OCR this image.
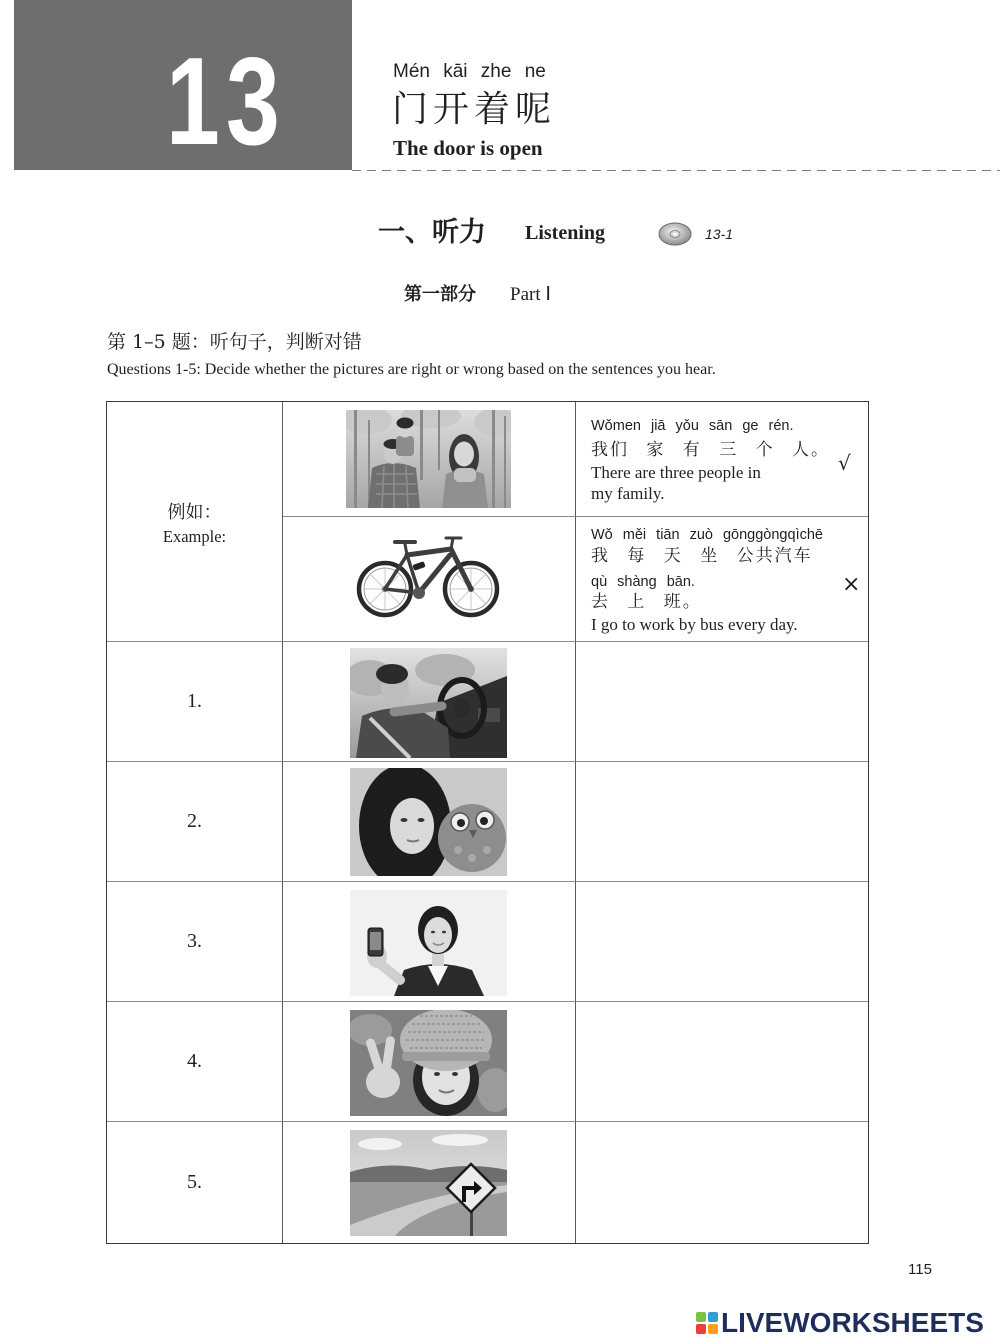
13	Mén kāi zhe ne
门开着呢
The door is open
一、听力 Listening	13-1
第一部分 Part Ⅰ
第 1–5 题：听句子，判断对错
Questions 1-5: Decide whether the pictures are right or wrong based on the sentences you hear.
例如：
Example:
Wǒmen jiā yǒu sān ge rén.
我们 家 有 三 个 人。
There are three people in
my family.
√
Wǒ měi tiān zuò gōnggòngqìchē
我 每 天 坐 公共汽车
qù shàng bān.
去 上 班。
I go to work by bus every day.
×
1.
2.
3.
4.
5.
115
LIVEWORKSHEETS
